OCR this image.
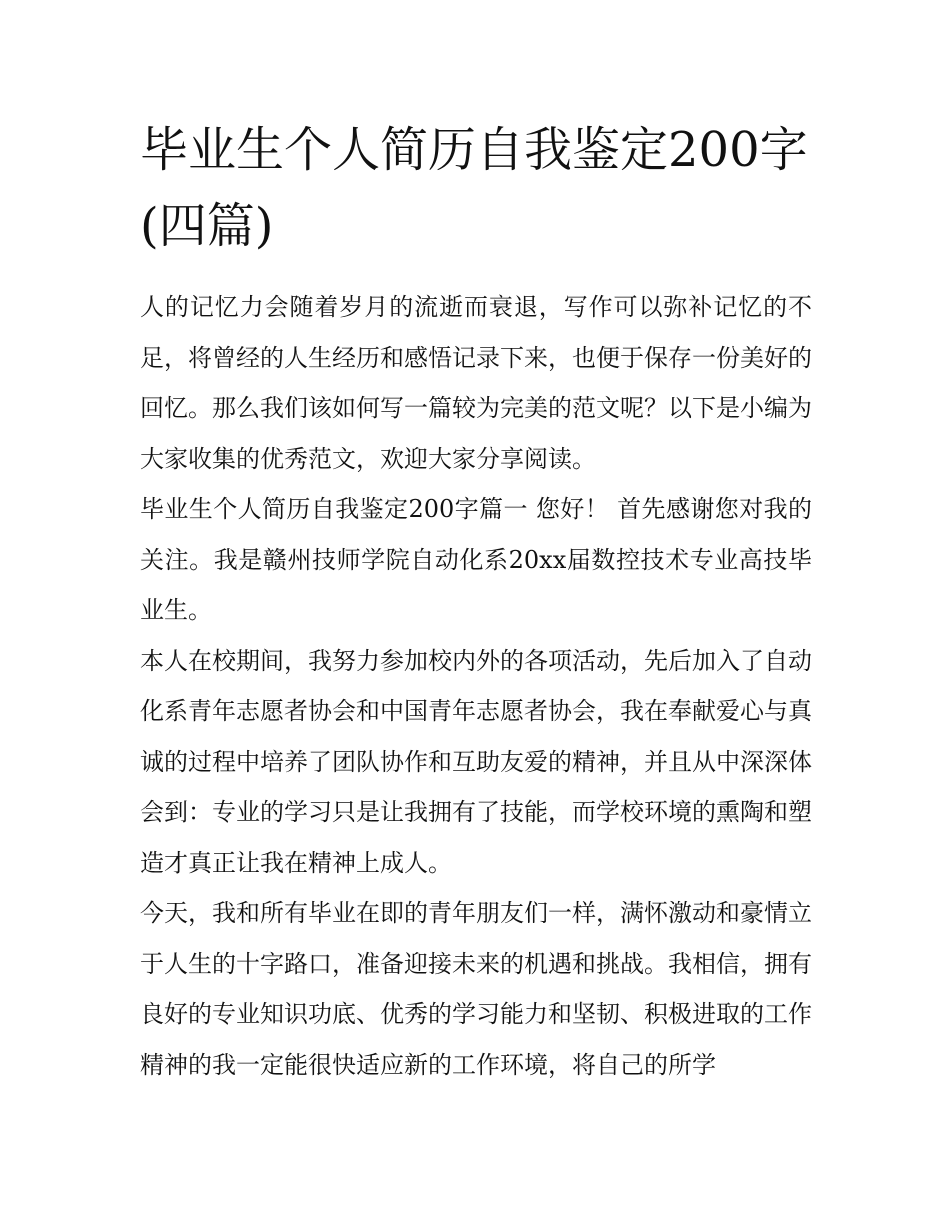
毕业生个人简历自我鉴定200字(四篇)

人的记忆力会随着岁月的流逝而衰退，写作可以弥补记忆的不足，将曾经的人生经历和感悟记录下来，也便于保存一份美好的回忆。那么我们该如何写一篇较为完美的范文呢？以下是小编为大家收集的优秀范文，欢迎大家分享阅读。

毕业生个人简历自我鉴定200字篇一 您好！ 首先感谢您对我的关注。我是赣州技师学院自动化系20xx届数控技术专业高技毕业生。

本人在校期间，我努力参加校内外的各项活动，先后加入了自动化系青年志愿者协会和中国青年志愿者协会，我在奉献爱心与真诚的过程中培养了团队协作和互助友爱的精神，并且从中深深体会到：专业的学习只是让我拥有了技能，而学校环境的熏陶和塑造才真正让我在精神上成人。

今天，我和所有毕业在即的青年朋友们一样，满怀激动和豪情立于人生的十字路口，准备迎接未来的机遇和挑战。我相信，拥有良好的专业知识功底、优秀的学习能力和坚韧、积极进取的工作精神的我一定能很快适应新的工作环境，将自己的所学
